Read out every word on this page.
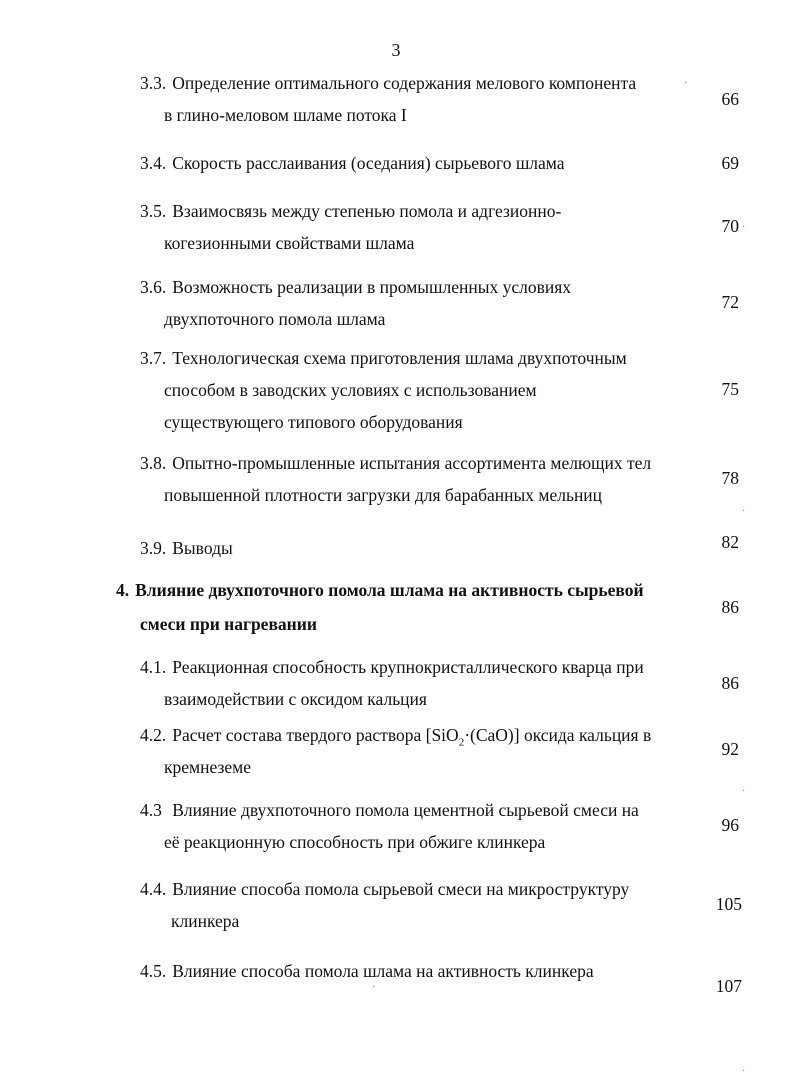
3
3.3. Определение оптимального содержания мелового компонента
в глино-меловом шламе потока I
66
3.4. Скорость расслаивания (оседания) сырьевого шлама	69
3.5. Взаимосвязь между степенью помола и адгезионно-
когезионными свойствами шлама
70
3.6. Возможность реализации в промышленных условиях
двухпоточного помола шлама
72
3.7. Технологическая схема приготовления шлама двухпоточным
способом в заводских условиях с использованием
существующего типового оборудования
75
3.8. Опытно-промышленные испытания ассортимента мелющих тел
повышенной плотности загрузки для барабанных мельниц
78
3.9. Выводы	82
4. Влияние двухпоточного помола шлама на активность сырьевой
смеси при нагревании
86
4.1. Реакционная способность крупнокристаллического кварца при
взаимодействии с оксидом кальция
86
4.2. Расчет состава твердого раствора [SiO$_2$·(CaO)] оксида кальция в
кремнеземе
92
4.3 Влияние двухпоточного помола цементной сырьевой смеси на
её реакционную способность при обжиге клинкера
96
4.4. Влияние способа помола сырьевой смеси на микроструктуру
клинкера
105
4.5. Влияние способа помола шлама на активность клинкера
107
·
·
·
·
·
·
